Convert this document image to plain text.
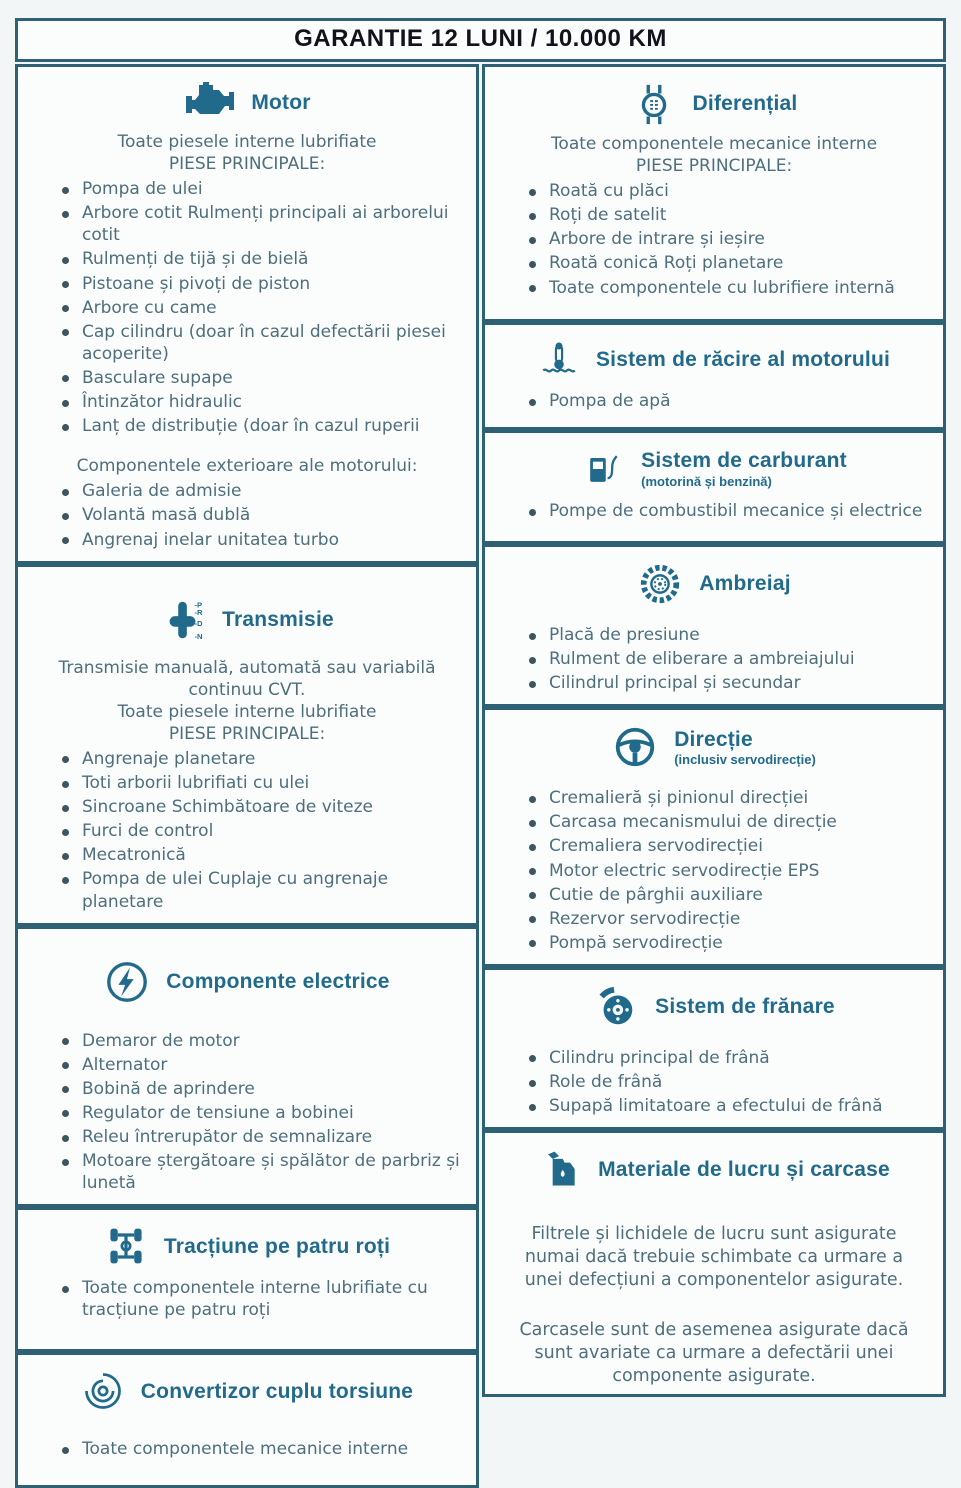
GARANTIE 12 LUNI / 10.000 KM
Motor

Toate piesele interne lubrifiate

PIESE PRINCIPALE:

Pompa de ulei
Arbore cotit Rulmenți principali ai arborelui cotit
Rulmenți de tijă și de bielă
Pistoane și pivoți de piston
Arbore cu came
Cap cilindru (doar în cazul defectării piesei acoperite)
Basculare supape
Întinzător hidraulic
Lanț de distribuție (doar în cazul ruperii

Componentele exterioare ale motorului:

Galeria de admisie
Volantă masă dublă
Angrenaj inelar unitatea turbo
-P
-R
-D
-N
Transmisie

Transmisie manuală, automată sau variabilă continuu CVT.

Toate piesele interne lubrifiate

PIESE PRINCIPALE:

Angrenaje planetare
Toti arborii lubrifiati cu ulei
Sincroane Schimbătoare de viteze
Furci de control
Mecatronică
Pompa de ulei Cuplaje cu angrenaje planetare
Componente electrice
Demaror de motor
Alternator
Bobină de aprindere
Regulator de tensiune a bobinei
Releu întrerupător de semnalizare
Motoare ștergătoare și spălător de parbriz și lunetă
Tracțiune pe patru roți
Toate componentele interne lubrifiate cu tracțiune pe patru roți
Convertizor cuplu torsiune
Toate componentele mecanice interne
Diferențial

Toate componentele mecanice interne

PIESE PRINCIPALE:

Roată cu plăci
Roți de satelit
Arbore de intrare și ieșire
Roată conică Roți planetare
Toate componentele cu lubrifiere internă
Sistem de răcire al motorului
Pompa de apă
Sistem de carburant
(motorină și benzină)
Pompe de combustibil mecanice și electrice
Ambreiaj
Placă de presiune
Rulment de eliberare a ambreiajului
Cilindrul principal și secundar
Direcție
(inclusiv servodirecție)
Cremalieră și pinionul direcției
Carcasa mecanismului de direcție
Cremaliera servodirecției
Motor electric servodirecție EPS
Cutie de pârghii auxiliare
Rezervor servodirecție
Pompă servodirecție
Sistem de frănare
Cilindru principal de frână
Role de frână
Supapă limitatoare a efectului de frână
Materiale de lucru și carcase

Filtrele și lichidele de lucru sunt asigurate numai dacă trebuie schimbate ca urmare a unei defecțiuni a componentelor asigurate.

Carcasele sunt de asemenea asigurate dacă sunt avariate ca urmare a defectării unei componente asigurate.
